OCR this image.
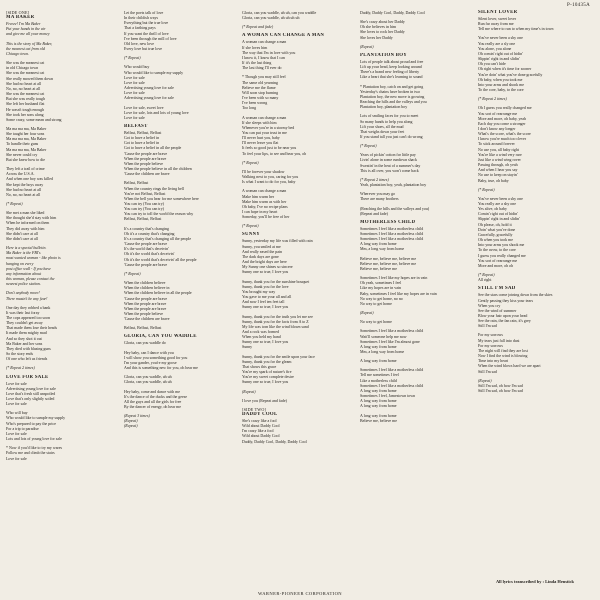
P-10435A
[SIDE ONE]
MA BAKER
Freeze! I'm Ma Baker
Put your hands in the air
and give me all your money
This is the story of Ma Baker,
the meanest cat from old
Chicago town.
She was the meanest cat
in old Chicago town
She was the meanest cat
She really mowed them down
She had no heart at all
No, no, no heart at all
She was the meanest cat
But she was really tough
She left her husband flat
He wasn't tough enough
She took her sons along
Some crazy, some mean and strong
Ma ma ma ma, Ma Baker
She taught her four sons
Ma ma ma ma, Ma Baker
To handle their guns
Ma ma ma ma, Ma Baker
She never could cry
But she knew how to die
They left a trail of crime
Across the U.S.A.
And when one boy was killed
She kept the boys away
She had no heart at all
No, no, no heart at all
(* Repeat)
She met a man she liked
She thought she'd stay with him
When he informed on them
They did away with him
She didn't care at all
She didn't care at all
Here is a special bulletin.
Ma Baker is the FBI's
most wanted woman - like photo is
hanging on every
post office wall - If you have
any information about
this woman, please contact the
nearest police station.
Don't anybody move!
There mustn't be any fear!
One day they robbed a bank
It was their last foray
The cops appeared too soon
They couldn't get away
That made them lose their heads
It made them mighty mad
And so they shot it out
Ma Baker and her sons
They died with blazing guns
So the story ends
Of one who left us friends
(* Repeat 2 times)
LOVE FOR SALE
Love for sale
Advertising young love for sale
Love that's fresh still unspoiled
Love that's only slightly soiled
Love for sale
Who will buy
Who would like to sample my supply
Who's prepared to pay the price
For a trip to paradise
Love for sale
Lots and lots of young love for sale
* Now if you'd like to try my wares
Follow me and climb the stairs
Love for sale
Let the poets talk of love
In their childish ways
Everything but the true love
That a farthing pays
If you want the thrill of love
I've been through the mill of love
Old love, new love
Every love but true love
(* Repeat)
Who would buy
Who would like to sample my supply
Love for sale
Love for sale
Advertising young love for sale
Love for sale
Advertising young love for sale
Love for sale, sweet love
Love for sale, lots and lots of young love
Love for sale
BELFAST
Belfast, Belfast, Belfast
Got to have a belief in
Got to have a belief in
Got to have a belief in all the people
'Cause the people are brave
When the people are brave
When the people believe
When the people believe in all the children
'Cause the children are brave
Belfast, Belfast
When the country rings the living bell
You're not Belfast, Belfast
When the bell you hear for me somewhere here
You can try (You can try)
You can try (You can try)
You can try to toll the world the reason why
Belfast, Belfast, Belfast
It's a country that's changing
Oh it's a country that's changing
It's a country that's changing all the people
'Cause the people are brave
It's the world that's deceivin'
Oh it's the world that's deceivin'
Oh it's the world that's deceivin' all the people
'Cause the people are brave
(* Repeat)
When the children believe
When the children believe in
When the children believe in all the people
'Cause the people are brave
When the people are brave
When the people are brave
When the people believe
'Cause the children are brave
Belfast, Belfast, Belfast
GLORIA, CAN YOU WADDLE
Gloria, can you waddle do
Hey baby, can I dance with you
I will show you something good for you
I'm your gander, you're my goose
And this is something new for you, oh hear me
Gloria, can you waddle, uh uh
Gloria, can you waddle, uh uh
Hey baby, come and dance with me
It's the dance of the ducks and the geese
All the guys and all the girls for free
By the dancer of energy, oh hear me
(Repeat 3 times)
(Repeat)
(Repeat)
Gloria, can you waddle, uh uh, can you waddle
Gloria, can you waddle, uh uh uh uh
(* Repeat and fade)
A WOMAN CAN CHANGE A MAN
A woman can change a man
If she loves him
The way that I'm in love with you
I know it, I know that I can
If it's the last thing
The last thing I'll ever do
* Though you may still feel
The same old yearning
Believe me the flame
Will soon stop burning
I've been with so many
I've been wrong
Too long
A woman can change a man
If she sleeps with him
Whenever you're in a stormy bed
You can put your trust in me
I'll never hurt you, baby
I'll never leave you flat
It feels so good just to be near you
To feel your lips, to see and hear you, oh
(* Repeat)
I'll be forever your shadow
Walking next to you, caring for you
Is what I want to do for you, baby
A woman can change a man
Make him warm her
Make him warm as with her
Oh baby, I've no recipe plans
I can hope in my heart
Someday, you'll be free of her
(* Repeat)
SUNNY
Sunny, yesterday my life was filled with rain
Sunny, you smiled at me
And really eased the pain
The dark days are gone
And the bright days are here
My Sunny one shines so sincere
Sunny one so true, I love you
Sunny, thank you for the sunshine bouquet
Sunny, thank you for the love
You brought my way
You gave to me your all and all
And now I feel ten feet tall
Sunny one so true, I love you
Sunny, thank you for the truth you let me see
Sunny, thank you for the facts from A to Z
My life was torn like the wind blown sand
And a rock was formed
When you held my hand
Sunny one so true, I love you
Sunny
Sunny, thank you for the smile upon your face
Sunny, thank you for the gleam
That shows this grace
You're my spark of nature's fire
You're my sweet complete desire
Sunny one so true, I love you
(Repeat)
I love you (Repeat and fade)
[SIDE TWO]
DADDY COOL
She's crazy like a fool
Wild about Daddy Cool
I'm crazy like a fool
Wild about Daddy Cool
Daddy, Daddy Cool, Daddy, Daddy Cool
Daddy, Daddy Cool, Daddy, Daddy Cool
She's crazy about her Daddy
Oh she believes in him
She loves to rock her Daddy
She loves her Daddy
(Repeat)
PLANTATION BOY
Lots of people talk about proud and free
Lift up your head, keep looking around
There's a brand new feeling of liberty
Like a heart that she's learning to sound
* Plantation boy, catch on and get going
Yesterday's chains have broken in two
Plantation boy, the new move is growing
Reaching the hills and the valleys and you
Plantation boy, plantation boy
Lots of smiling faces for you to meet
So many hands to help you along
Lift your shoes, all the mud
That weighs down your feet
If you stand tall you just can't do wrong
(* Repeat)
Years of pickin' cotton for little pay
Livin' alone in some rundown shack
Sweatin' in the heat of a summer's day
This is all over, you won't come back
(* Repeat 2 times)
Yeah, plantation boy, yeah, plantation boy
Wherever you may go
There are many brothers
(Reaching the hills and the valleys and you)
(Repeat and fade)
MOTHERLESS CHILD
Sometimes I feel like a motherless child
Sometimes I feel like a motherless child
Sometimes I feel like a motherless child
A long way from home
Mm, a long way from home
Believe me, believe me, believe me
Believe me, believe me, believe me
Believe me, believe me
Sometimes I feel like my hopes are in vain
Oh yeah, sometimes I feel
Like my hopes are in vain
Baby, sometimes I feel like my hopes are in vain
No way to get home, no no
No way to get home
(Repeat)
No way to get home
Sometimes I feel like a motherless child
Wait'll someone help me now
Sometimes I feel like I'm almost gone
A long way from home
Mm, a long way from home
A long way from home
Sometimes I feel like a motherless child
Tell me sometimes I feel
Like a motherless child
Sometimes I feel like a motherless child
A long way from home
Sometimes I feel, Jamestown town
A long way from home
A long way from home
A long way from home
Believe me, believe me
SILENT LOVER
Silent lover, sweet lover
Run far away from me
Tell me where to run to when my time's in town
You've never been a shy one
You really are a sly one
You alone, you alone
Oh comin' right out of hidin'
Slippin' right in and slidin'
Oh you can't hide
Oh right when it's time for sooner
You're doin' what you've done gracefully
Oh baby, when you took me
Into your arms and shook me
To the core, baby, to the core
(* Repeat 2 times)
Oh I guess you really changed me
You sort of rearrange me
More and more, oh baby, yeah
Each day you come a stronger
I don't know any longer
What's the score, what's the score
I know you're much too clever
To stick around forever
No use you, all baby right
You're like a wind very rare
Just like a wind wing rover
Passing through, oh yeah
And when I hear you say
No use to keep on stayin'
Baby, true, oh baby
(* Repeat)
You've never been a shy one
You really are a shy one
Yes alive, oh baby
Comin' right out of hidin'
Slippin' right in and slidin'
Oh please, oh, hold it
Doin' what you've done
Gracefully, gracefully
Oh when you took me
Into your arms you shook me
To the avow, to the core
I guess you really changed me
You sort of rearrange me
More and more, oh oh
(* Repeat)
All right
STILL I'M SAD
See the stars come joining down from the skies
Gently passing they kiss your tears
When you cry
See the wind of summer
Blow your hair upon your head
See the rain, the fan rain, it's grey
Still I'm sad
For my sorrows
My tears just fall into dust
For my sorrows
The night will find they are lost
Now I find the wind is blowing
Time into my heart
When the wind blows hard we are apart
Still I'm sad
(Repeat)
Still I'm sad, oh how I'm sad
Still I'm sad, oh how I'm sad
All lyrics transcribed by : Linda Henstick
WARNER-PIONEER CORPORATION
